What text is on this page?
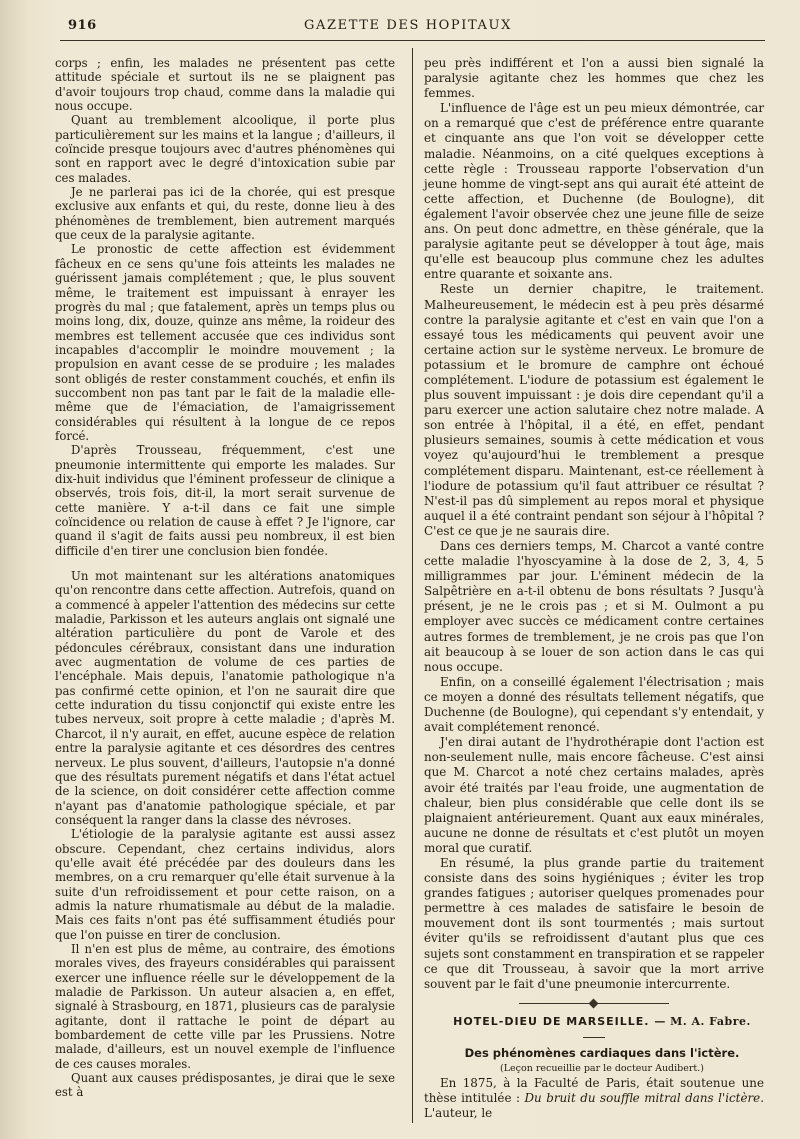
916	GAZETTE DES HOPITAUX

corps ; enfin, les malades ne présentent pas cette attitude spéciale et surtout ils ne se plaignent pas d'avoir toujours trop chaud, comme dans la maladie qui nous occupe.

Quant au tremblement alcoolique, il porte plus particulièrement sur les mains et la langue ; d'ailleurs, il coïncide presque toujours avec d'autres phénomènes qui sont en rapport avec le degré d'intoxication subie par ces malades.

Je ne parlerai pas ici de la chorée, qui est presque exclusive aux enfants et qui, du reste, donne lieu à des phénomènes de tremblement, bien autrement marqués que ceux de la paralysie agitante.

Le pronostic de cette affection est évidemment fâcheux en ce sens qu'une fois atteints les malades ne guérissent jamais complétement ; que, le plus souvent même, le traitement est impuissant à enrayer les progrès du mal ; que fatalement, après un temps plus ou moins long, dix, douze, quinze ans même, la roideur des membres est tellement accusée que ces individus sont incapables d'accomplir le moindre mouvement ; la propulsion en avant cesse de se produire ; les malades sont obligés de rester constamment couchés, et enfin ils succombent non pas tant par le fait de la maladie elle-même que de l'émaciation, de l'amaigrissement considérables qui résultent à la longue de ce repos forcé.

D'après Trousseau, fréquemment, c'est une pneumonie intermittente qui emporte les malades. Sur dix-huit individus que l'éminent professeur de clinique a observés, trois fois, dit-il, la mort serait survenue de cette manière. Y a-t-il dans ce fait une simple coïncidence ou relation de cause à effet ? Je l'ignore, car quand il s'agit de faits aussi peu nombreux, il est bien difficile d'en tirer une conclusion bien fondée.

Un mot maintenant sur les altérations anatomiques qu'on rencontre dans cette affection. Autrefois, quand on a commencé à appeler l'attention des médecins sur cette maladie, Parkisson et les auteurs anglais ont signalé une altération particulière du pont de Varole et des pédoncules cérébraux, consistant dans une induration avec augmentation de volume de ces parties de l'encéphale. Mais depuis, l'anatomie pathologique n'a pas confirmé cette opinion, et l'on ne saurait dire que cette induration du tissu conjonctif qui existe entre les tubes nerveux, soit propre à cette maladie ; d'après M. Charcot, il n'y aurait, en effet, aucune espèce de relation entre la paralysie agitante et ces désordres des centres nerveux. Le plus souvent, d'ailleurs, l'autopsie n'a donné que des résultats purement négatifs et dans l'état actuel de la science, on doit considérer cette affection comme n'ayant pas d'anatomie pathologique spéciale, et par conséquent la ranger dans la classe des névroses.

L'étiologie de la paralysie agitante est aussi assez obscure. Cependant, chez certains individus, alors qu'elle avait été précédée par des douleurs dans les membres, on a cru remarquer qu'elle était survenue à la suite d'un refroidissement et pour cette raison, on a admis la nature rhumatismale au début de la maladie. Mais ces faits n'ont pas été suffisamment étudiés pour que l'on puisse en tirer de conclusion.

Il n'en est plus de même, au contraire, des émotions morales vives, des frayeurs considérables qui paraissent exercer une influence réelle sur le développement de la maladie de Parkisson. Un auteur alsacien a, en effet, signalé à Strasbourg, en 1871, plusieurs cas de paralysie agitante, dont il rattache le point de départ au bombardement de cette ville par les Prussiens. Notre malade, d'ailleurs, est un nouvel exemple de l'influence de ces causes morales.

Quant aux causes prédisposantes, je dirai que le sexe est à

peu près indifférent et l'on a aussi bien signalé la paralysie agitante chez les hommes que chez les femmes.

L'influence de l'âge est un peu mieux démontrée, car on a remarqué que c'est de préférence entre quarante et cinquante ans que l'on voit se développer cette maladie. Néanmoins, on a cité quelques exceptions à cette règle : Trousseau rapporte l'observation d'un jeune homme de vingt-sept ans qui aurait été atteint de cette affection, et Duchenne (de Boulogne), dit également l'avoir observée chez une jeune fille de seize ans. On peut donc admettre, en thèse générale, que la paralysie agitante peut se développer à tout âge, mais qu'elle est beaucoup plus commune chez les adultes entre quarante et soixante ans.

Reste un dernier chapitre, le traitement. Malheureusement, le médecin est à peu près désarmé contre la paralysie agitante et c'est en vain que l'on a essayé tous les médicaments qui peuvent avoir une certaine action sur le système nerveux. Le bromure de potassium et le bromure de camphre ont échoué complétement. L'iodure de potassium est également le plus souvent impuissant : je dois dire cependant qu'il a paru exercer une action salutaire chez notre malade. A son entrée à l'hôpital, il a été, en effet, pendant plusieurs semaines, soumis à cette médication et vous voyez qu'aujourd'hui le tremblement a presque complétement disparu. Maintenant, est-ce réellement à l'iodure de potassium qu'il faut attribuer ce résultat ? N'est-il pas dû simplement au repos moral et physique auquel il a été contraint pendant son séjour à l'hôpital ? C'est ce que je ne saurais dire.

Dans ces derniers temps, M. Charcot a vanté contre cette maladie l'hyoscyamine à la dose de 2, 3, 4, 5 milligrammes par jour. L'éminent médecin de la Salpêtrière en a-t-il obtenu de bons résultats ? Jusqu'à présent, je ne le crois pas ; et si M. Oulmont a pu employer avec succès ce médicament contre certaines autres formes de tremblement, je ne crois pas que l'on ait beaucoup à se louer de son action dans le cas qui nous occupe.

Enfin, on a conseillé également l'électrisation ; mais ce moyen a donné des résultats tellement négatifs, que Duchenne (de Boulogne), qui cependant s'y entendait, y avait complétement renoncé.

J'en dirai autant de l'hydrothérapie dont l'action est non-seulement nulle, mais encore fâcheuse. C'est ainsi que M. Charcot a noté chez certains malades, après avoir été traités par l'eau froide, une augmentation de chaleur, bien plus considérable que celle dont ils se plaignaient antérieurement. Quant aux eaux minérales, aucune ne donne de résultats et c'est plutôt un moyen moral que curatif.

En résumé, la plus grande partie du traitement consiste dans des soins hygiéniques ; éviter les trop grandes fatigues ; autoriser quelques promenades pour permettre à ces malades de satisfaire le besoin de mouvement dont ils sont tourmentés ; mais surtout éviter qu'ils se refroidissent d'autant plus que ces sujets sont constamment en transpiration et se rappeler ce que dit Trousseau, à savoir que la mort arrive souvent par le fait d'une pneumonie intercurrente.

HOTEL-DIEU DE MARSEILLE. — M. A. Fabre.

Des phénomènes cardiaques dans l'ictère.

(Leçon recueillie par le docteur Audibert.)

En 1875, à la Faculté de Paris, était soutenue une thèse intitulée : Du bruit du souffle mitral dans l'ictère. L'auteur, le
